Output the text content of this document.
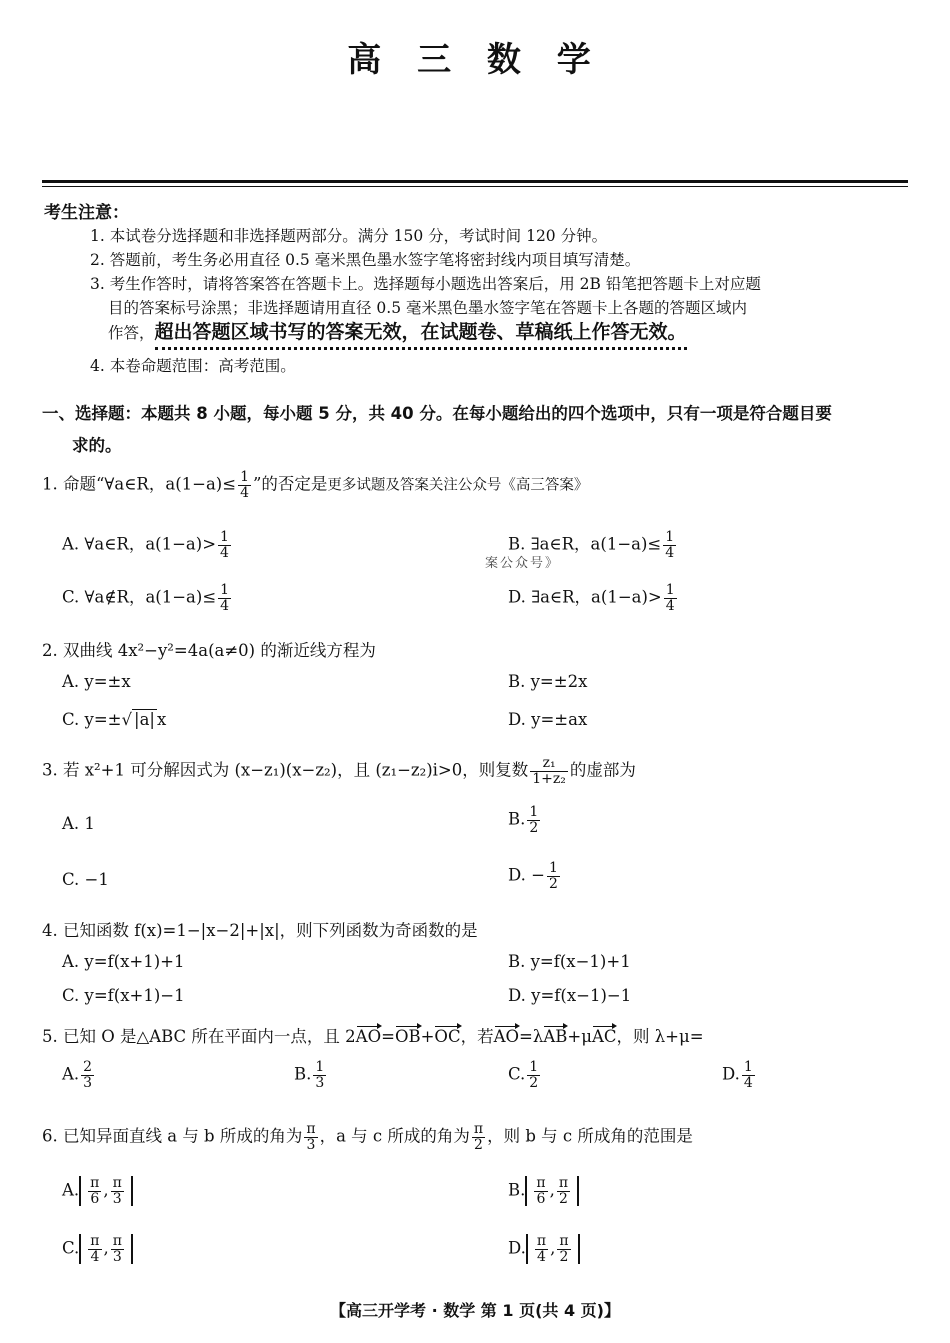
高 三 数 学
考生注意：
1. 本试卷分选择题和非选择题两部分。满分 150 分，考试时间 120 分钟。
2. 答题前，考生务必用直径 0.5 毫米黑色墨水签字笔将密封线内项目填写清楚。
3. 考生作答时，请将答案答在答题卡上。选择题每小题选出答案后，用 2B 铅笔把答题卡上对应题
目的答案标号涂黑；非选择题请用直径 0.5 毫米黑色墨水签字笔在答题卡上各题的答题区域内
作答，超出答题区域书写的答案无效，在试题卷、草稿纸上作答无效。
4. 本卷命题范围：高考范围。
一、选择题：本题共 8 小题，每小题 5 分，共 40 分。在每小题给出的四个选项中，只有一项是符合题目要
求的。
1. 命题“∀a∈R，$a(1-a)\le \frac{1}{4}$ ”的否定是更多试题及答案关注公众号《高三答案》
A. ∀a∈R，$a(1-a)> \frac{1}{4}$	B. ∃a∈R，$a(1-a)\le \frac{1}{4}$
案公众号》
C. ∀a∉R，$a(1-a)\le \frac{1}{4}$	D. ∃a∈R，$a(1-a)> \frac{1}{4}$
2. 双曲线 4x²−y²=4a(a≠0) 的渐近线方程为
A. y=±x	B. y=±2x
C. y=±√ |a| x	D. y=±ax
3. 若 x²+1 可分解因式为 (x−z₁)(x−z₂)，且 (z₁−z₂)i>0，则复数 $\frac{\text{z₁}}{\text{1+z₂}}$ 的虚部为
A. 1	B. $\frac{1}{2}$
C. −1	D. − $\frac{1}{2}$
4. 已知函数 f(x)=1−|x−2|+|x|，则下列函数为奇函数的是
A. y=f(x+1)+1	B. y=f(x−1)+1
C. y=f(x+1)−1	D. y=f(x−1)−1
5. 已知 O 是△ABC 所在平面内一点，且 2AO=OB+OC，若AO=λAB+μAC，则 λ+μ=
A. $\frac{2}{3}$	B. $\frac{1}{3}$	C. $\frac{1}{2}$	D. $\frac{1}{4}$
6. 已知异面直线 a 与 b 所成的角为 $\frac{\pi}{3}$ ，a 与 c 所成的角为 $\frac{\pi}{2}$ ，则 b 与 c 所成角的范围是
A. $\frac{\pi}{6}$ , $\frac{\pi}{3}$	B. $\frac{\pi}{6}$ , $\frac{\pi}{2}$
C. $\frac{\pi}{4}$ , $\frac{\pi}{3}$	D. $\frac{\pi}{4}$ , $\frac{\pi}{2}$
【高三开学考 · 数学 第 1 页(共 4 页)】
